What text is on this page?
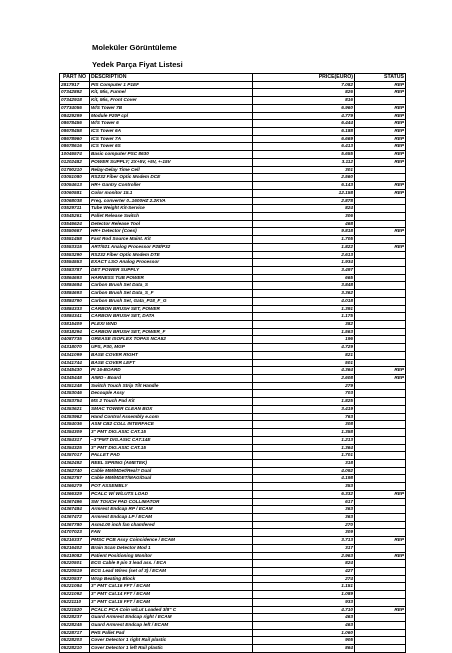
Moleküler Görüntüleme
Yedek Parça Fiyat Listesi
PART NO	DESCRIPTION	PRICE(EURO)	STATUS
2817917	PIS Computer 1 P1EF	7.082	REP
07342892	Kit, Mis, Funnel	826	REP
07342918	Kit, Mis, Front Cover	816	
07734056	W/S Tower 7B	6.960	REP
08429299	Module P20P cpl	4.779	REP
08678456	W/S Tower 6	6.444	REP
08678458	ICS Tower 6A	6.188	REP
08678960	ICS Tower 7A	6.669	REP
08678616	ICS Tower 6S	6.413	REP
10046574	Basic computer PSC 8630	5.655	REP
01202482	POWER SUPPLY; 2X+5V, +5V, +-15V	3.112	REP
01790210	Relay-Delay Time Cell	301	
03051080	RS232 Fiber Optic Modem DCE	2.560	
03054613	HR+ Gantry Controller	6.143	REP
03060581	Color monitor 15.1	12.158	REP
03068038	Freq. converter 0..1600HZ 2.2KVA	2.878	
03529711	Tube Weight Kit-Service	824	
03545261	Pallet Release Switch	306	
03546624	Detector Release Tool	468	
03550667	HR+ Detector (Coex)	9.818	REP
03551458	Fast Rod Source Maint. Kit	1.705	
03553315	ART/921 Analog Processor P28/P32	1.822	REP
03553290	RS232 Fiber Optic Modem DTE	2.613	
03554553	EXACT LSO Analog Processor	1.934	
03583787	DET POWER SUPPLY	3.497	
03864693	HARNESS TUB POWER	665	
03884684	Carbon Brush Set Data_S	3.848	
03884693	Carbon Brush Set Data_S_F	3.362	
03884790	Carbon Brush Set, Gata_P18_F_G	4.018	
03884333	CARBON BRUSH SET, POWER	1.391	
03884341	CARBON BRUSH SET, DATA	1.175	
03815409	PLEXI WND	382	
03818294	CARBON BRUSH SET, POWER_F	1.563	
04087735	GREASE ISOFLEX TOPAS NCA52	196	
04318070	UPS, P30, MGP	4.729	
04341099	BASE COVER RIGHT	821	
04341744	BASE COVER LEFT	501	
04345430	PI 16-BOARD	4.364	REP
04345448	AIMO - Board	2.608	REP
04351248	Switch Touch Strip Tilt Handle	279	
04353046	Decouple Assy	703	
04353754	MS 2 Touch Pad Kit	1.825	
04353621	SMAC TOWER CLEAN BOX	3.419	
04353962	Hand Control Assembly e.com	763	
04354036	ASM CB2 COLL INTERFACE	308	
04354309	3" PMT DIG.ASIC CAT.15	1.358	
04354317	~3"PMT DIG.ASIC CAT.14E	1.213	
04354325	3" PMT DIG.ASIC CAT.15	1.364	
04357017	PALLET PAD	1.701	
04362492	REEL SPRING (AMETEK)	318	
04362740	Cable MM/MDet/Real? Dual	4.092	
04362757	Cable MM/MDET/MAG/Dual	4.198	
04366279	POT ASSEMBLY	353	
04366329	PCALC W/ W/LUTS LOAD	6.332	REP
04367496	SW TOUCH PAD COLLIMATOR	617	
04367484	Armrest Endcap RP / ECAM	363	
04367472	Armrest Endcap LP / ECAM	363	
04367780	Asm4.00 inch fan chamfered	270	
04707023	FAN	309	
05216337	PMSC PCB Assy Coincidence / ECAM	3.713	REP
05216402	Brain Scan Detector Mod 1	317	
05419082	Patient Positioning Monitor	2.963	REP
05220501	ECG Cable 9 pin 3 lead ass. / ECA	824	
05220519	ECG Lead Wires (set of 3) / ECAM	427	
05220537	Wrap Beating Block	274	
05221084	3" PMT Cat.16 FFT / ECAM	1.151	
05221092	3" PMT Cat.14 FFT / ECAM	1.089	
05221110	3" PMT Cat.15 FFT / ECAM	933	
05221520	PCALC PCA Coin w/Lut Loaded 3/8" C	4.710	REP
05228237	Guard Armrest Endcap right / ECAM	463	
05228245	Guard Armrest Endcap left / ECAM	463	
05228717	PHS Pallet Pad	1.060	
05228203	Cover Detector 1 right Rail plastic	905	
05228210	Cover Detector 1 left Rail plastic	864	
